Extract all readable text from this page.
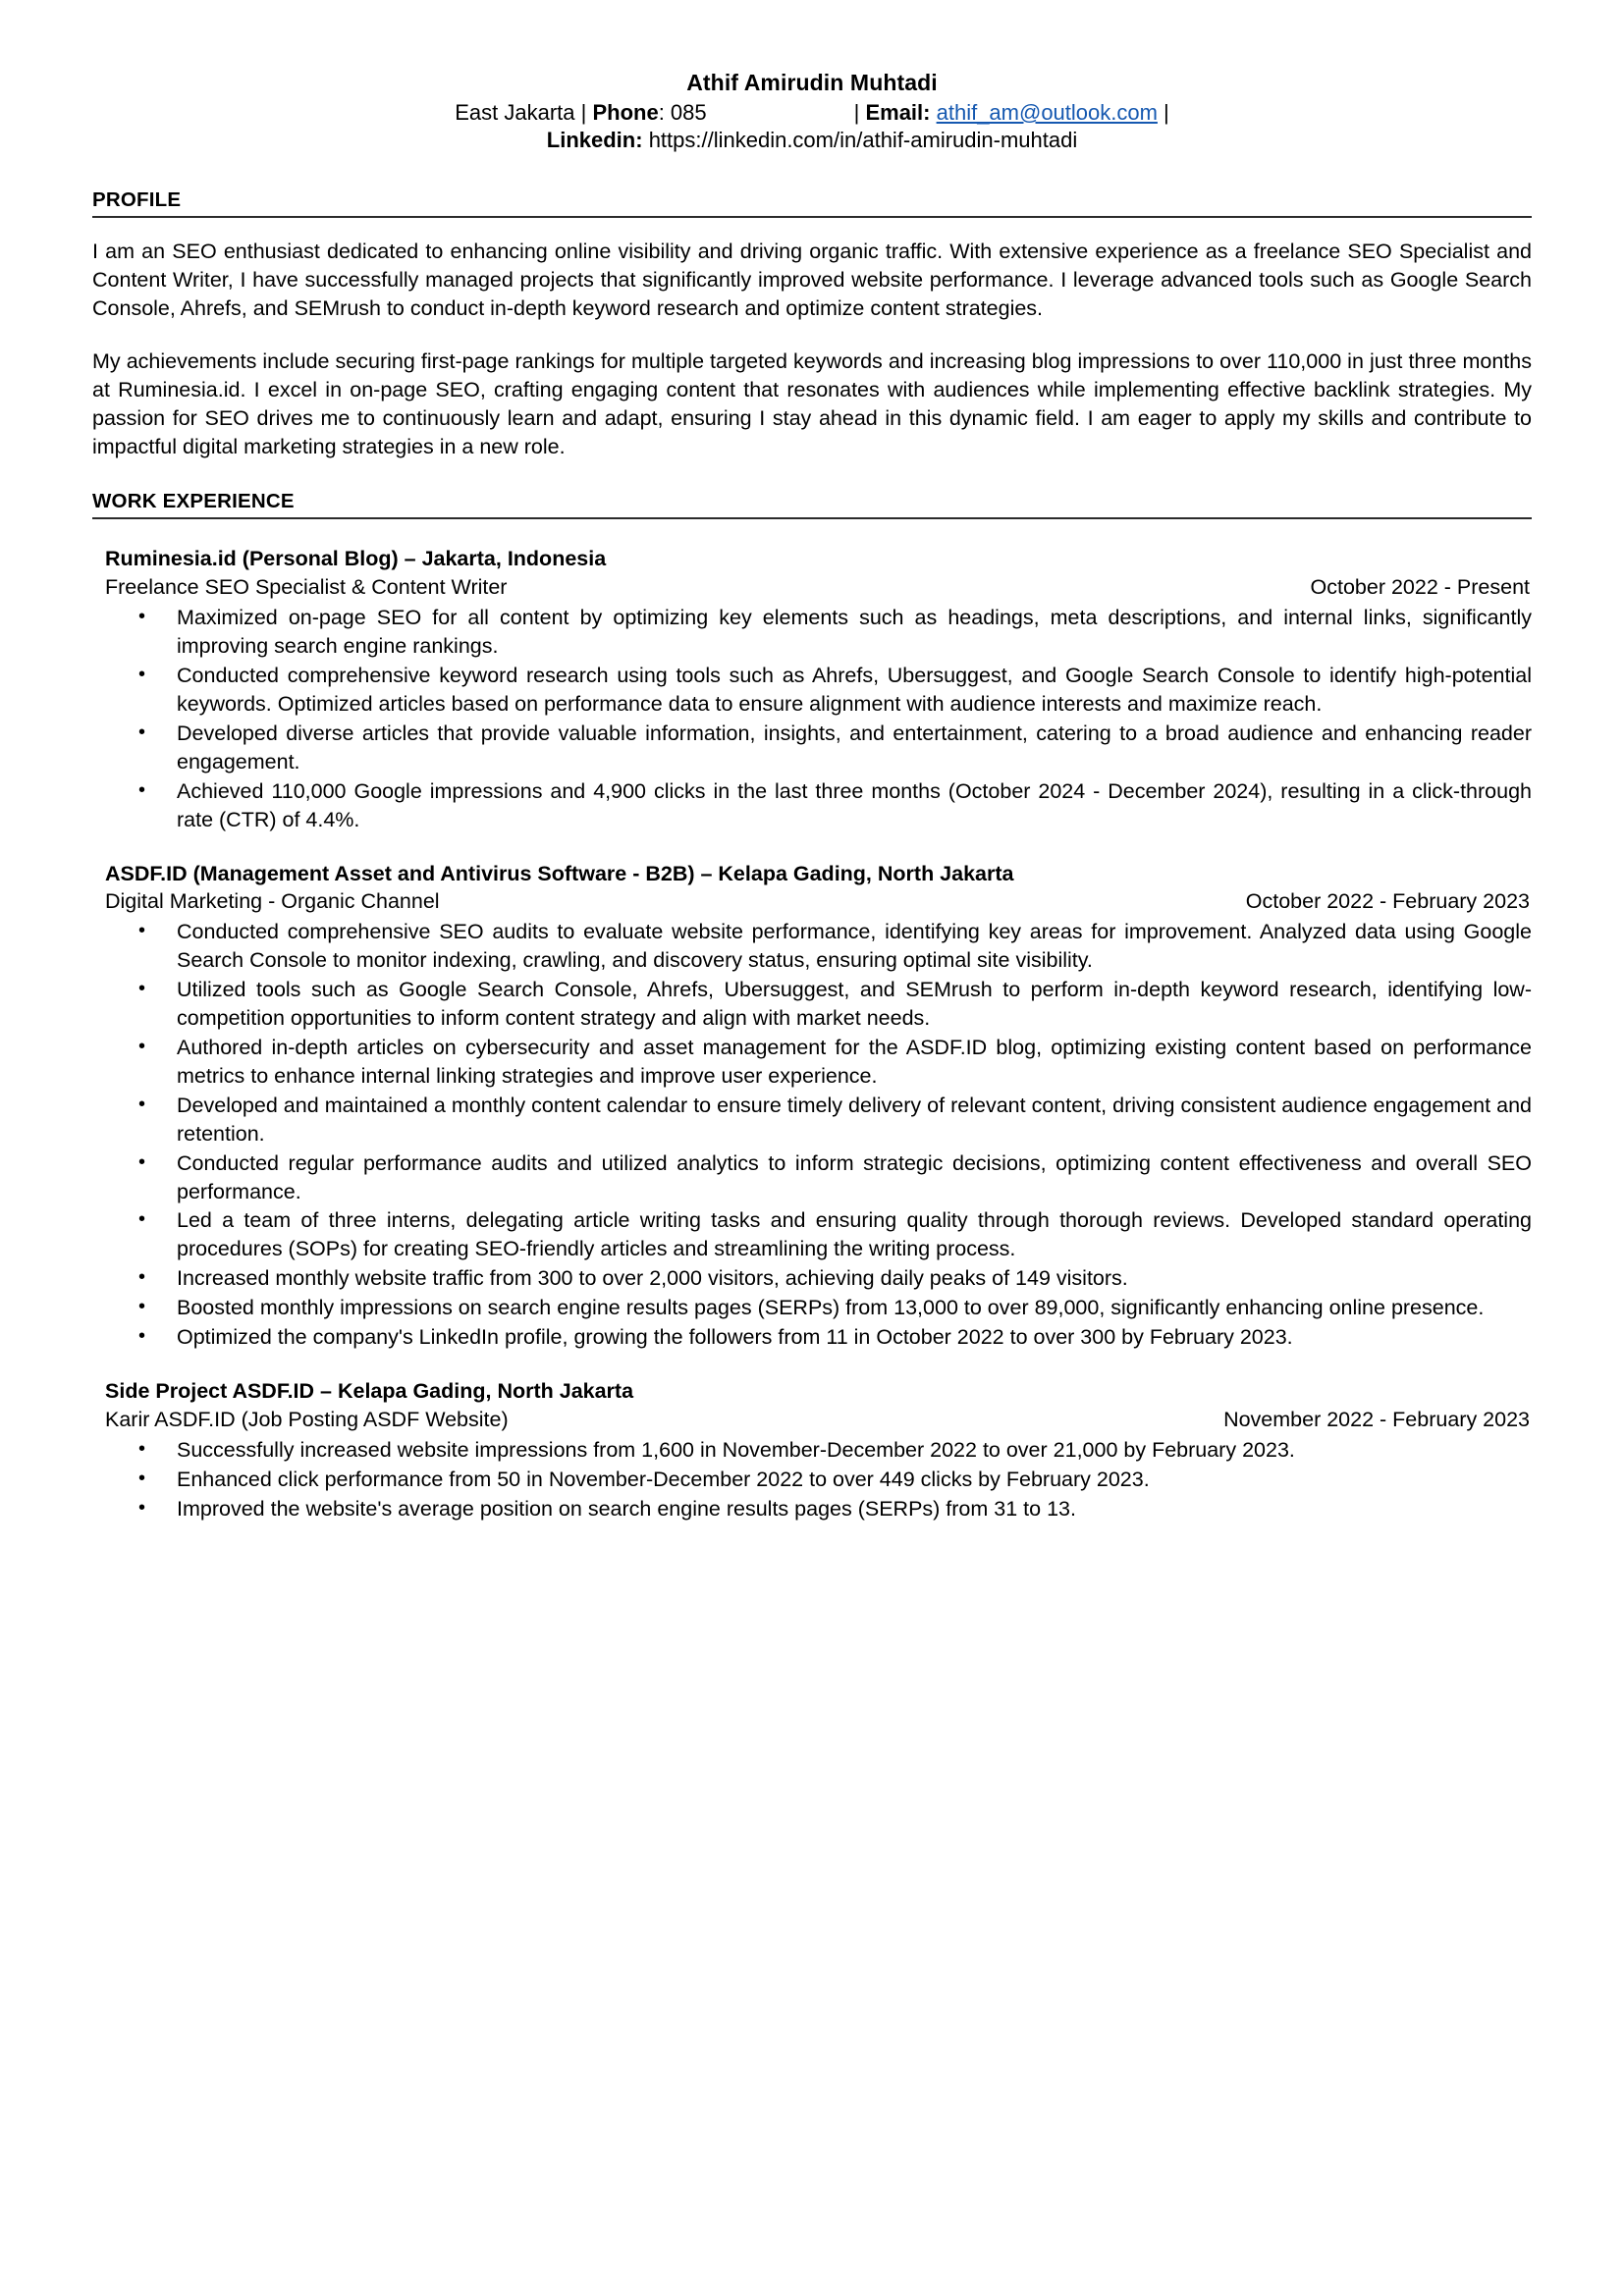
Athif Amirudin Muhtadi
East Jakarta | Phone: 085	| Email: athif_am@outlook.com |
Linkedin: https://linkedin.com/in/athif-amirudin-muhtadi
PROFILE
I am an SEO enthusiast dedicated to enhancing online visibility and driving organic traffic. With extensive experience as a freelance SEO Specialist and Content Writer, I have successfully managed projects that significantly improved website performance. I leverage advanced tools such as Google Search Console, Ahrefs, and SEMrush to conduct in-depth keyword research and optimize content strategies.
My achievements include securing first-page rankings for multiple targeted keywords and increasing blog impressions to over 110,000 in just three months at Ruminesia.id. I excel in on-page SEO, crafting engaging content that resonates with audiences while implementing effective backlink strategies. My passion for SEO drives me to continuously learn and adapt, ensuring I stay ahead in this dynamic field. I am eager to apply my skills and contribute to impactful digital marketing strategies in a new role.
WORK EXPERIENCE
Ruminesia.id (Personal Blog) – Jakarta, Indonesia
Freelance SEO Specialist & Content Writer	October 2022 - Present
• Maximized on-page SEO for all content by optimizing key elements such as headings, meta descriptions, and internal links, significantly improving search engine rankings.
• Conducted comprehensive keyword research using tools such as Ahrefs, Ubersuggest, and Google Search Console to identify high-potential keywords. Optimized articles based on performance data to ensure alignment with audience interests and maximize reach.
• Developed diverse articles that provide valuable information, insights, and entertainment, catering to a broad audience and enhancing reader engagement.
• Achieved 110,000 Google impressions and 4,900 clicks in the last three months (October 2024 - December 2024), resulting in a click-through rate (CTR) of 4.4%.
ASDF.ID (Management Asset and Antivirus Software - B2B) – Kelapa Gading, North Jakarta
Digital Marketing - Organic Channel	October 2022 - February 2023
• Conducted comprehensive SEO audits to evaluate website performance, identifying key areas for improvement. Analyzed data using Google Search Console to monitor indexing, crawling, and discovery status, ensuring optimal site visibility.
• Utilized tools such as Google Search Console, Ahrefs, Ubersuggest, and SEMrush to perform in-depth keyword research, identifying low-competition opportunities to inform content strategy and align with market needs.
• Authored in-depth articles on cybersecurity and asset management for the ASDF.ID blog, optimizing existing content based on performance metrics to enhance internal linking strategies and improve user experience.
• Developed and maintained a monthly content calendar to ensure timely delivery of relevant content, driving consistent audience engagement and retention.
• Conducted regular performance audits and utilized analytics to inform strategic decisions, optimizing content effectiveness and overall SEO performance.
• Led a team of three interns, delegating article writing tasks and ensuring quality through thorough reviews. Developed standard operating procedures (SOPs) for creating SEO-friendly articles and streamlining the writing process.
• Increased monthly website traffic from 300 to over 2,000 visitors, achieving daily peaks of 149 visitors.
• Boosted monthly impressions on search engine results pages (SERPs) from 13,000 to over 89,000, significantly enhancing online presence.
• Optimized the company's LinkedIn profile, growing the followers from 11 in October 2022 to over 300 by February 2023.
Side Project ASDF.ID – Kelapa Gading, North Jakarta
Karir ASDF.ID (Job Posting ASDF Website)	November 2022 - February 2023
• Successfully increased website impressions from 1,600 in November-December 2022 to over 21,000 by February 2023.
• Enhanced click performance from 50 in November-December 2022 to over 449 clicks by February 2023.
• Improved the website's average position on search engine results pages (SERPs) from 31 to 13.
